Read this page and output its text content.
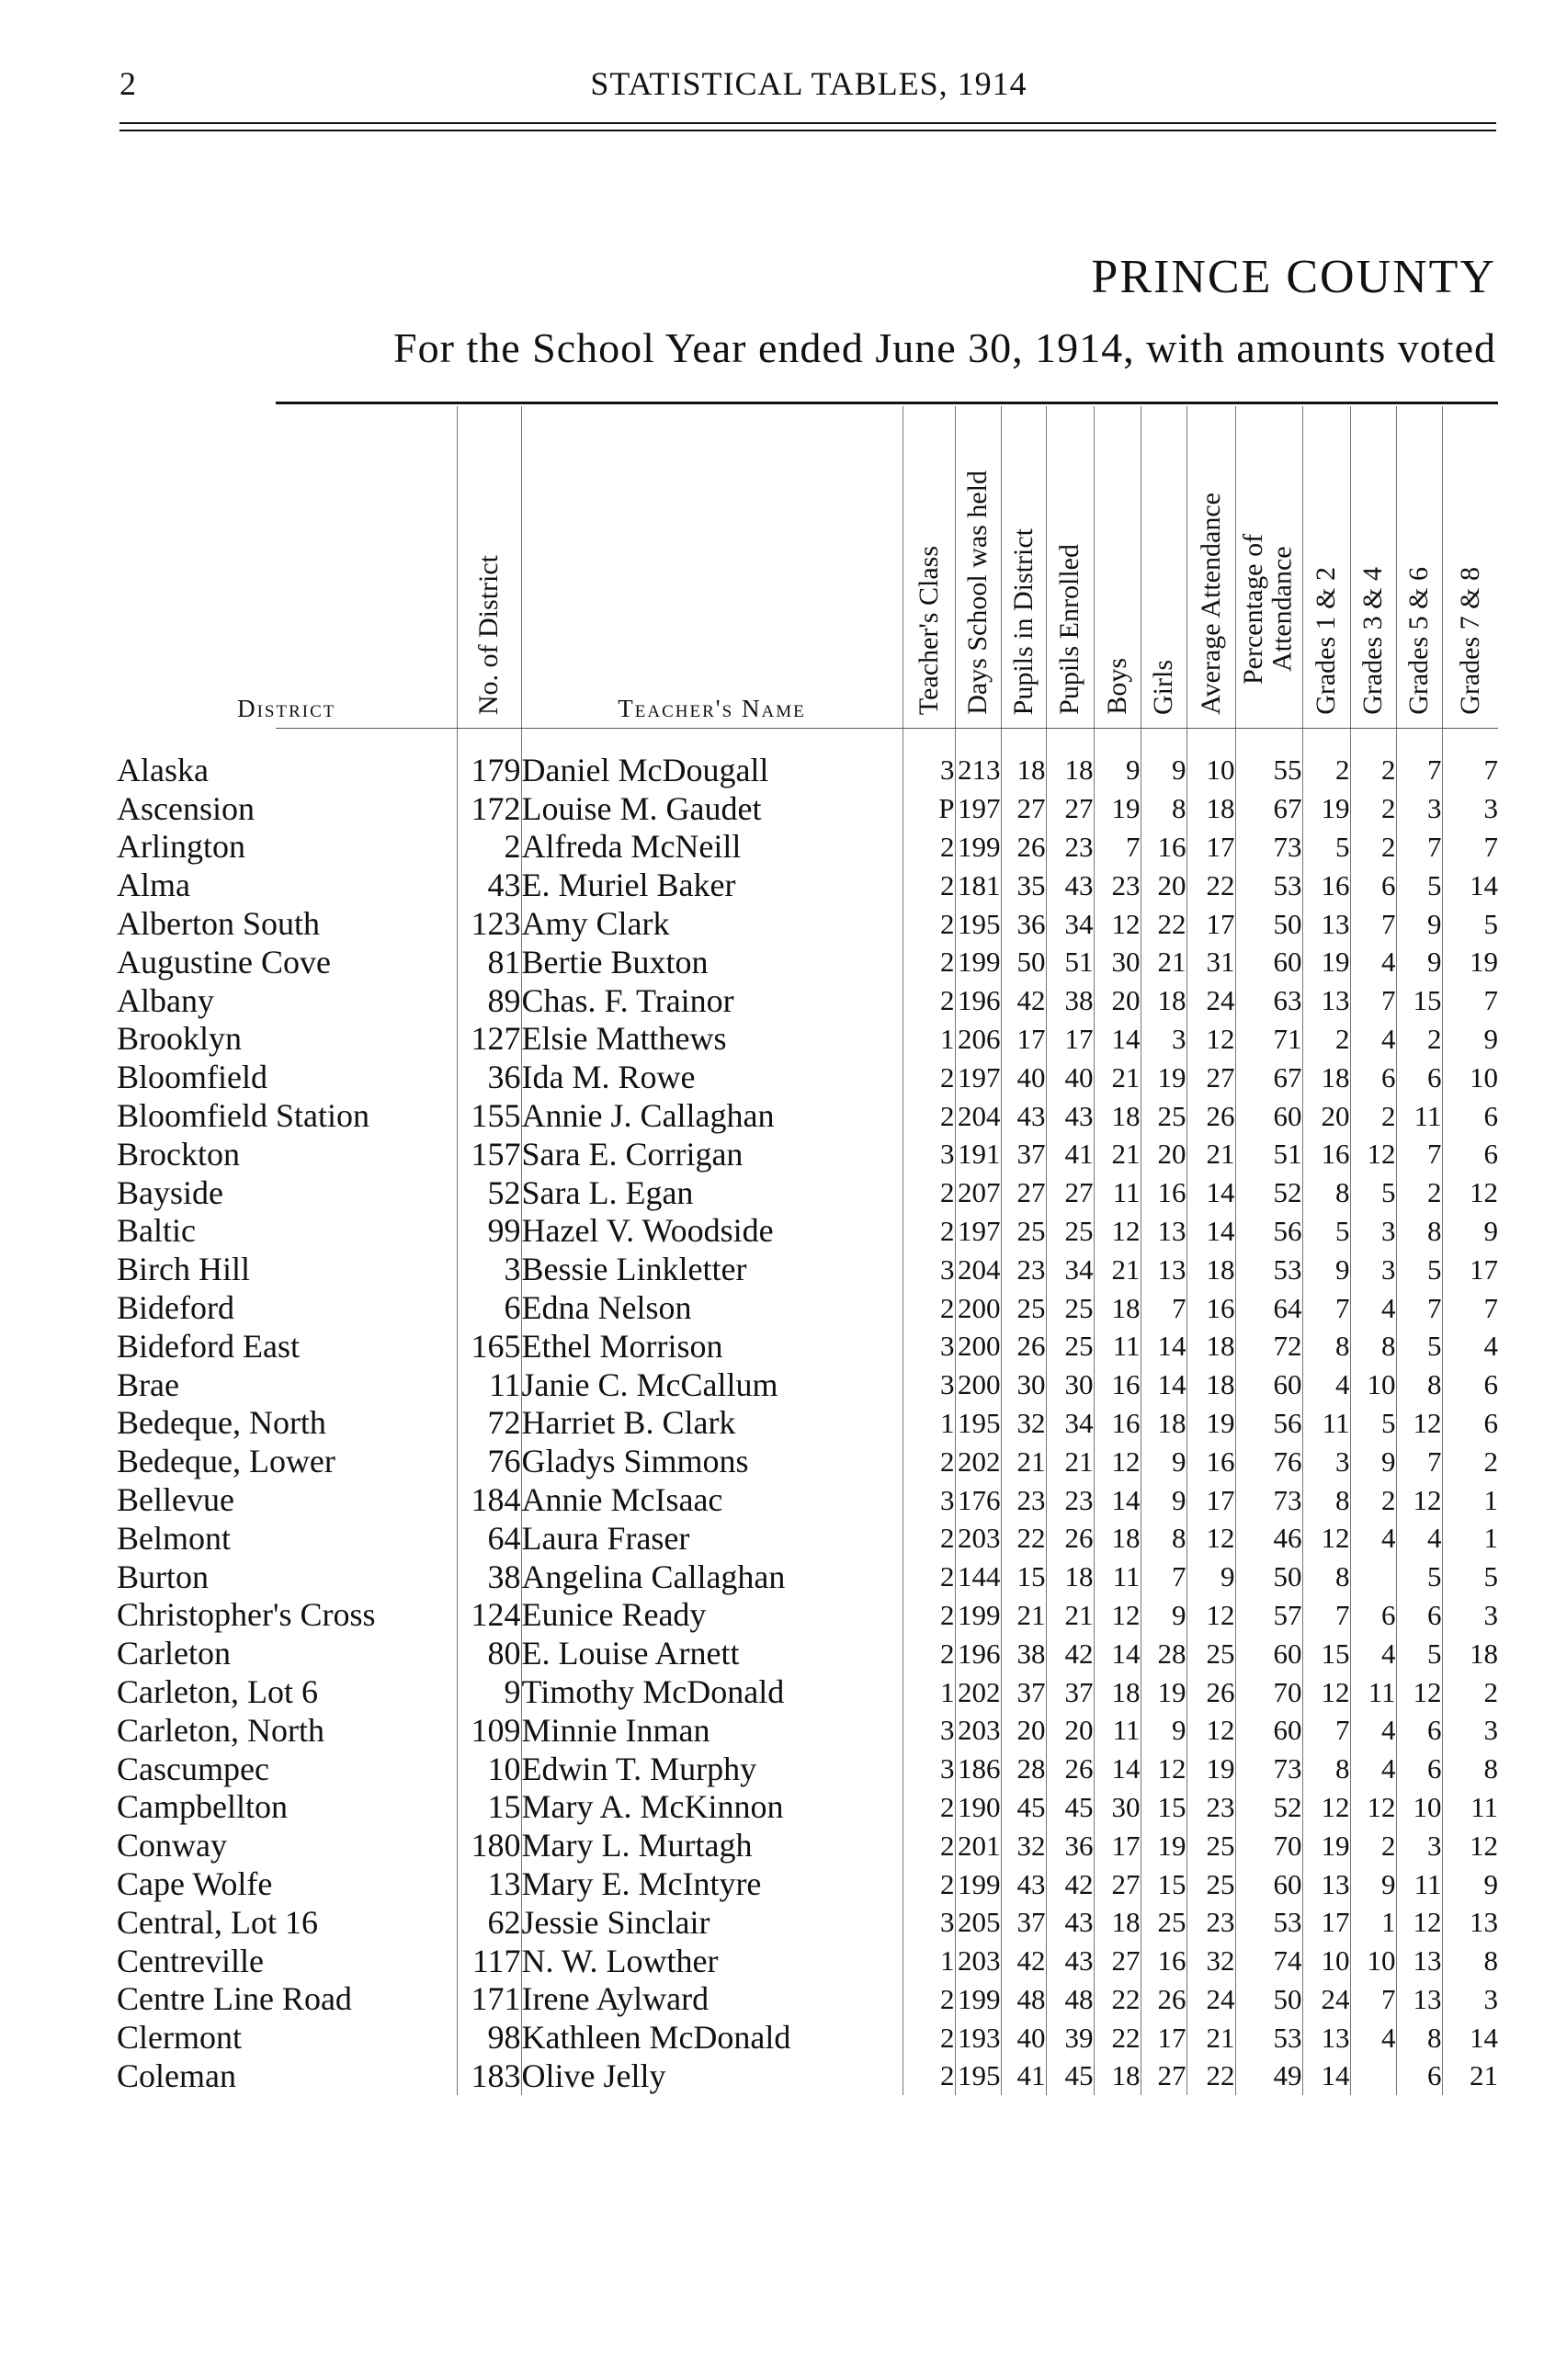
2	STATISTICAL TABLES, 1914
PRINCE COUNTY
For the School Year ended June 30, 1914, with amounts voted
District	No. of District	Teacher's Name	Teacher's Class	Days School was held	Pupils in District	Pupils Enrolled	Boys	Girls	Average Attendance	Percentage of Attendance	Grades 1 & 2	Grades 3 & 4	Grades 5 & 6	Grades 7 & 8
Alaska	179	Daniel McDougall	3	213	18	18	9	9	10	55	2	2	7	7
Ascension	172	Louise M. Gaudet	P	197	27	27	19	8	18	67	19	2	3	3
Arlington	2	Alfreda McNeill	2	199	26	23	7	16	17	73	5	2	7	7
Alma	43	E. Muriel Baker	2	181	35	43	23	20	22	53	16	6	5	14
Alberton South	123	Amy Clark	2	195	36	34	12	22	17	50	13	7	9	5
Augustine Cove	81	Bertie Buxton	2	199	50	51	30	21	31	60	19	4	9	19
Albany	89	Chas. F. Trainor	2	196	42	38	20	18	24	63	13	7	15	7
Brooklyn	127	Elsie Matthews	1	206	17	17	14	3	12	71	2	4	2	9
Bloomfield	36	Ida M. Rowe	2	197	40	40	21	19	27	67	18	6	6	10
Bloomfield Station	155	Annie J. Callaghan	2	204	43	43	18	25	26	60	20	2	11	6
Brockton	157	Sara E. Corrigan	3	191	37	41	21	20	21	51	16	12	7	6
Bayside	52	Sara L. Egan	2	207	27	27	11	16	14	52	8	5	2	12
Baltic	99	Hazel V. Woodside	2	197	25	25	12	13	14	56	5	3	8	9
Birch Hill	3	Bessie Linkletter	3	204	23	34	21	13	18	53	9	3	5	17
Bideford	6	Edna Nelson	2	200	25	25	18	7	16	64	7	4	7	7
Bideford East	165	Ethel Morrison	3	200	26	25	11	14	18	72	8	8	5	4
Brae	11	Janie C. McCallum	3	200	30	30	16	14	18	60	4	10	8	6
Bedeque, North	72	Harriet B. Clark	1	195	32	34	16	18	19	56	11	5	12	6
Bedeque, Lower	76	Gladys Simmons	2	202	21	21	12	9	16	76	3	9	7	2
Bellevue	184	Annie McIsaac	3	176	23	23	14	9	17	73	8	2	12	1
Belmont	64	Laura Fraser	2	203	22	26	18	8	12	46	12	4	4	1
Burton	38	Angelina Callaghan	2	144	15	18	11	7	9	50	8		5	5
Christopher's Cross	124	Eunice Ready	2	199	21	21	12	9	12	57	7	6	6	3
Carleton	80	E. Louise Arnett	2	196	38	42	14	28	25	60	15	4	5	18
Carleton, Lot 6	9	Timothy McDonald	1	202	37	37	18	19	26	70	12	11	12	2
Carleton, North	109	Minnie Inman	3	203	20	20	11	9	12	60	7	4	6	3
Cascumpec	10	Edwin T. Murphy	3	186	28	26	14	12	19	73	8	4	6	8
Campbellton	15	Mary A. McKinnon	2	190	45	45	30	15	23	52	12	12	10	11
Conway	180	Mary L. Murtagh	2	201	32	36	17	19	25	70	19	2	3	12
Cape Wolfe	13	Mary E. McIntyre	2	199	43	42	27	15	25	60	13	9	11	9
Central, Lot 16	62	Jessie Sinclair	3	205	37	43	18	25	23	53	17	1	12	13
Centreville	117	N. W. Lowther	1	203	42	43	27	16	32	74	10	10	13	8
Centre Line Road	171	Irene Aylward	2	199	48	48	22	26	24	50	24	7	13	3
Clermont	98	Kathleen McDonald	2	193	40	39	22	17	21	53	13	4	8	14
Coleman	183	Olive Jelly	2	195	41	45	18	27	22	49	14		6	21
